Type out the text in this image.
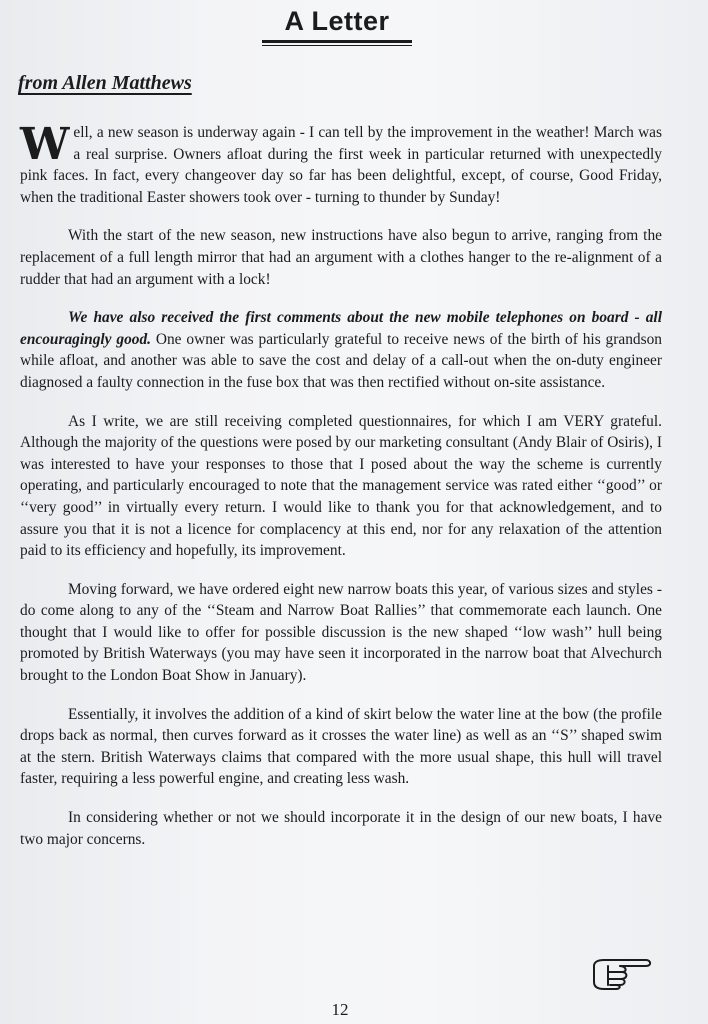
A Letter
from Allen Matthews

Well, a new season is underway again - I can tell by the improvement in the weather! March was a real surprise. Owners afloat during the first week in particular returned with unexpectedly pink faces. In fact, every changeover day so far has been delightful, except, of course, Good Friday, when the traditional Easter showers took over - turning to thunder by Sunday!

With the start of the new season, new instructions have also begun to arrive, ranging from the replacement of a full length mirror that had an argument with a clothes hanger to the re-alignment of a rudder that had an argument with a lock!

We have also received the first comments about the new mobile telephones on board - all encouragingly good. One owner was particularly grateful to receive news of the birth of his grandson while afloat, and another was able to save the cost and delay of a call-out when the on-duty engineer diagnosed a faulty connection in the fuse box that was then rectified without on-site assistance.

As I write, we are still receiving completed questionnaires, for which I am VERY grateful. Although the majority of the questions were posed by our marketing consultant (Andy Blair of Osiris), I was interested to have your responses to those that I posed about the way the scheme is currently operating, and particularly encouraged to note that the management service was rated either ‘‘good’’ or ‘‘very good’’ in virtually every return. I would like to thank you for that acknowledgement, and to assure you that it is not a licence for complacency at this end, nor for any relaxation of the attention paid to its efficiency and hopefully, its improvement.

Moving forward, we have ordered eight new narrow boats this year, of various sizes and styles - do come along to any of the ‘‘Steam and Narrow Boat Rallies’’ that commemorate each launch. One thought that I would like to offer for possible discussion is the new shaped ‘‘low wash’’ hull being promoted by British Waterways (you may have seen it incorporated in the narrow boat that Alvechurch brought to the London Boat Show in January).

Essentially, it involves the addition of a kind of skirt below the water line at the bow (the profile drops back as normal, then curves forward as it crosses the water line) as well as an ‘‘S’’ shaped swim at the stern. British Waterways claims that compared with the more usual shape, this hull will travel faster, requiring a less powerful engine, and creating less wash.

In considering whether or not we should incorporate it in the design of our new boats, I have two major concerns.

12
